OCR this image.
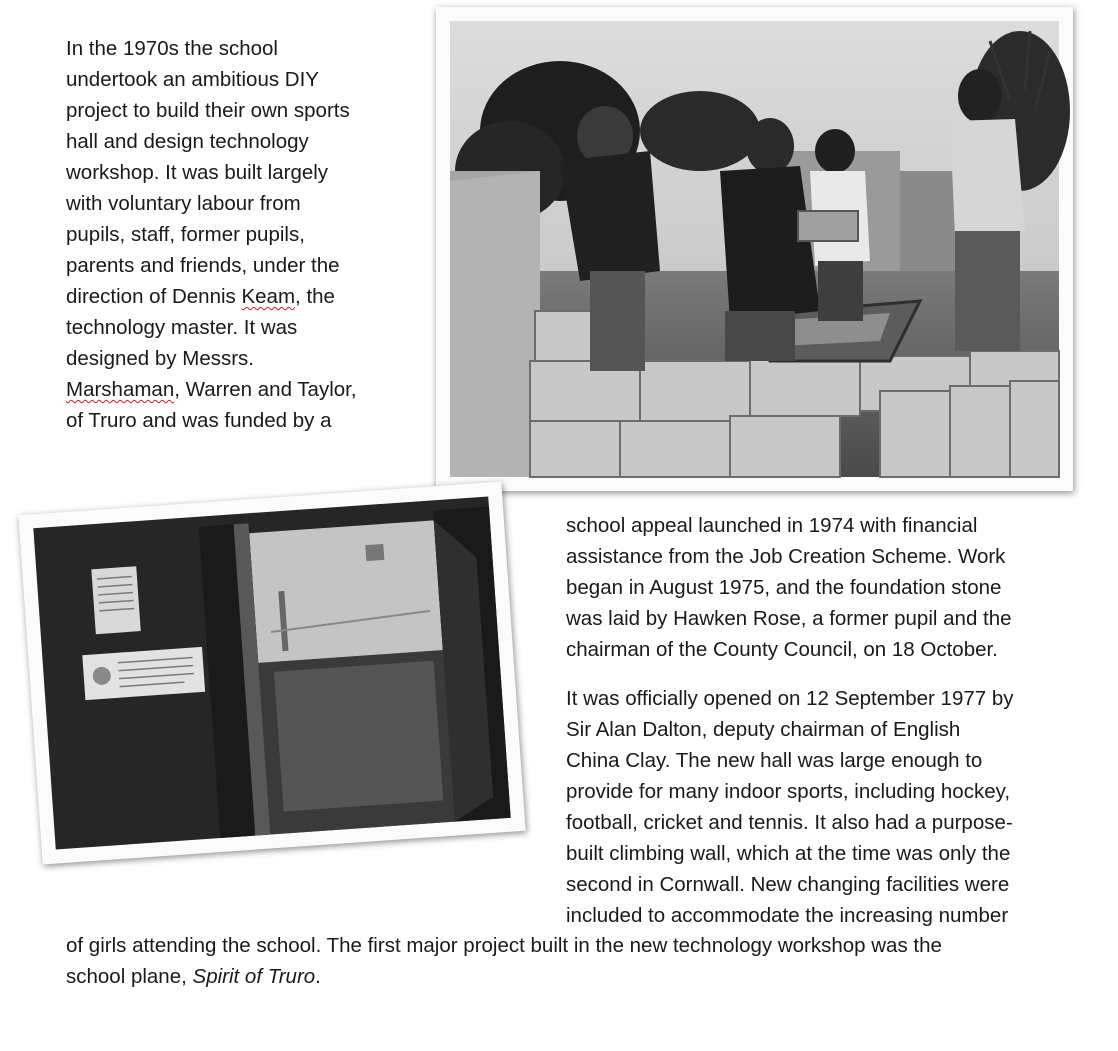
In the 1970s the school
undertook an ambitious DIY
project to build their own sports
hall and design technology
workshop. It was built largely
with voluntary labour from
pupils, staff, former pupils,
parents and friends, under the
direction of Dennis Keam, the
technology master. It was
designed by Messrs.
Marshaman, Warren and Taylor,
of Truro and was funded by a
school appeal launched in 1974 with financial
assistance from the Job Creation Scheme. Work
began in August 1975, and the foundation stone
was laid by Hawken Rose, a former pupil and the
chairman of the County Council, on 18 October.
It was officially opened on 12 September 1977 by
Sir Alan Dalton, deputy chairman of English
China Clay. The new hall was large enough to
provide for many indoor sports, including hockey,
football, cricket and tennis. It also had a purpose-
built climbing wall, which at the time was only the
second in Cornwall. New changing facilities were
included to accommodate the increasing number
of girls attending the school. The first major project built in the new technology workshop was the
school plane, Spirit of Truro.
